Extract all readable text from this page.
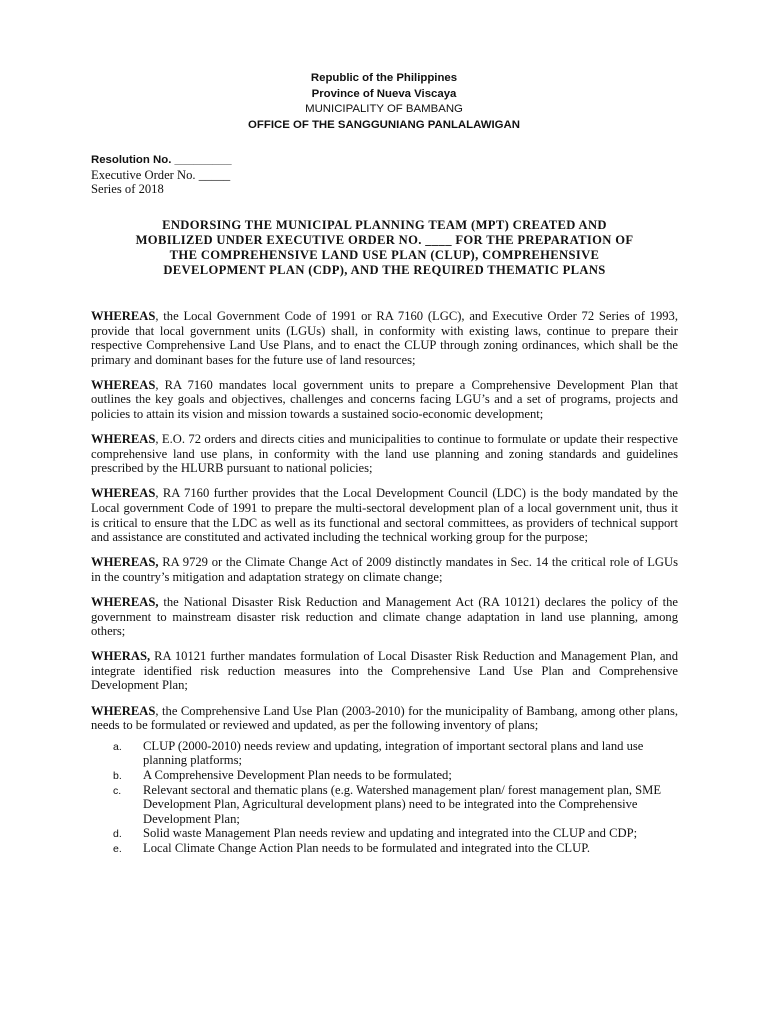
Republic of the Philippines
Province of Nueva Viscaya
MUNICIPALITY OF BAMBANG
OFFICE OF THE SANGGUNIANG PANLALAWIGAN
Resolution No. _________
Executive Order No. _____
Series of 2018
ENDORSING THE MUNICIPAL PLANNING TEAM (MPT) CREATED AND
MOBILIZED UNDER EXECUTIVE ORDER NO. ____ FOR THE PREPARATION OF
THE COMPREHENSIVE LAND USE PLAN (CLUP), COMPREHENSIVE
DEVELOPMENT PLAN (CDP), AND THE REQUIRED THEMATIC PLANS

WHEREAS, the Local Government Code of 1991 or RA 7160 (LGC), and Executive Order 72 Series of 1993, provide that local government units (LGUs) shall, in conformity with existing laws, continue to prepare their respective Comprehensive Land Use Plans, and to enact the CLUP through zoning ordinances, which shall be the primary and dominant bases for the future use of land resources;

WHEREAS, RA 7160 mandates local government units to prepare a Comprehensive Development Plan that outlines the key goals and objectives, challenges and concerns facing LGU’s and a set of programs, projects and policies to attain its vision and mission towards a sustained socio-economic development;

WHEREAS, E.O. 72 orders and directs cities and municipalities to continue to formulate or update their respective comprehensive land use plans, in conformity with the land use planning and zoning standards and guidelines prescribed by the HLURB pursuant to national policies;

WHEREAS, RA 7160 further provides that the Local Development Council (LDC) is the body mandated by the Local government Code of 1991 to prepare the multi-sectoral development plan of a local government unit, thus it is critical to ensure that the LDC as well as its functional and sectoral committees, as providers of technical support and assistance are constituted and activated including the technical working group for the purpose;

WHEREAS, RA 9729 or the Climate Change Act of 2009 distinctly mandates in Sec. 14 the critical role of LGUs in the country’s mitigation and adaptation strategy on climate change;

WHEREAS, the National Disaster Risk Reduction and Management Act (RA 10121) declares the policy of the government to mainstream disaster risk reduction and climate change adaptation in land use planning, among others;

WHERAS, RA 10121 further mandates formulation of Local Disaster Risk Reduction and Management Plan, and integrate identified risk reduction measures into the Comprehensive Land Use Plan and Comprehensive Development Plan;

WHEREAS, the Comprehensive Land Use Plan (2003-2010) for the municipality of Bambang, among other plans, needs to be formulated or reviewed and updated, as per the following inventory of plans;

a.	CLUP (2000-2010) needs review and updating, integration of important sectoral plans and land use planning platforms;
b.	A Comprehensive Development Plan needs to be formulated;
c.	Relevant sectoral and thematic plans (e.g. Watershed management plan/ forest management plan, SME Development Plan, Agricultural development plans) need to be integrated into the Comprehensive Development Plan;
d.	Solid waste Management Plan needs review and updating and integrated into the CLUP and CDP;
e.	Local Climate Change Action Plan needs to be formulated and integrated into the CLUP.
